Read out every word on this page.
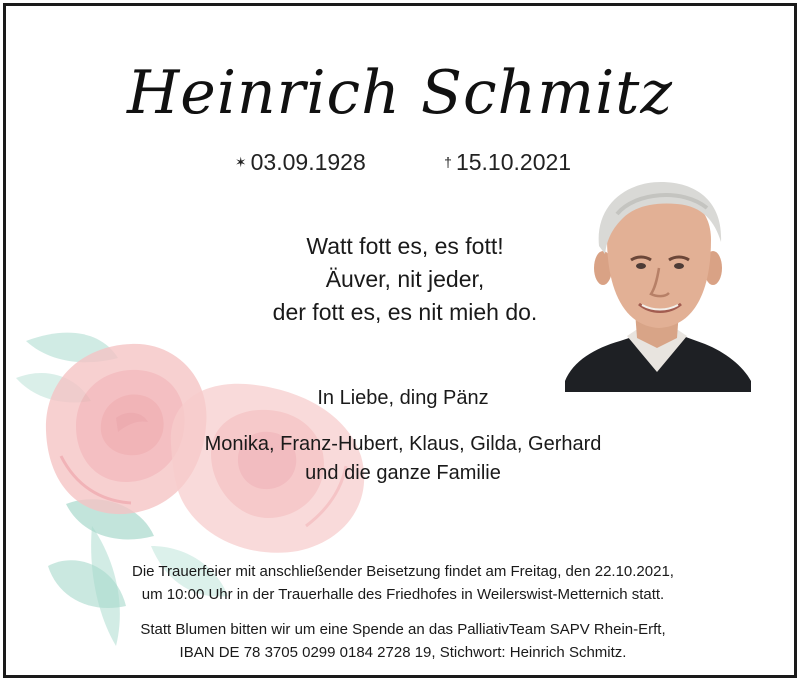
Heinrich Schmitz
✶ 03.09.1928	† 15.10.2021
Watt fott es, es fott!
Äuver, nit jeder,
der fott es, es nit mieh do.
In Liebe, ding Pänz
Monika, Franz-Hubert, Klaus, Gilda, Gerhard
und die ganze Familie
Die Trauerfeier mit anschließender Beisetzung findet am Freitag, den 22.10.2021,
um 10:00 Uhr in der Trauerhalle des Friedhofes in Weilerswist-Metternich statt.
Statt Blumen bitten wir um eine Spende an das PalliativTeam SAPV Rhein-Erft,
IBAN DE 78 3705 0299 0184 2728 19, Stichwort: Heinrich Schmitz.
